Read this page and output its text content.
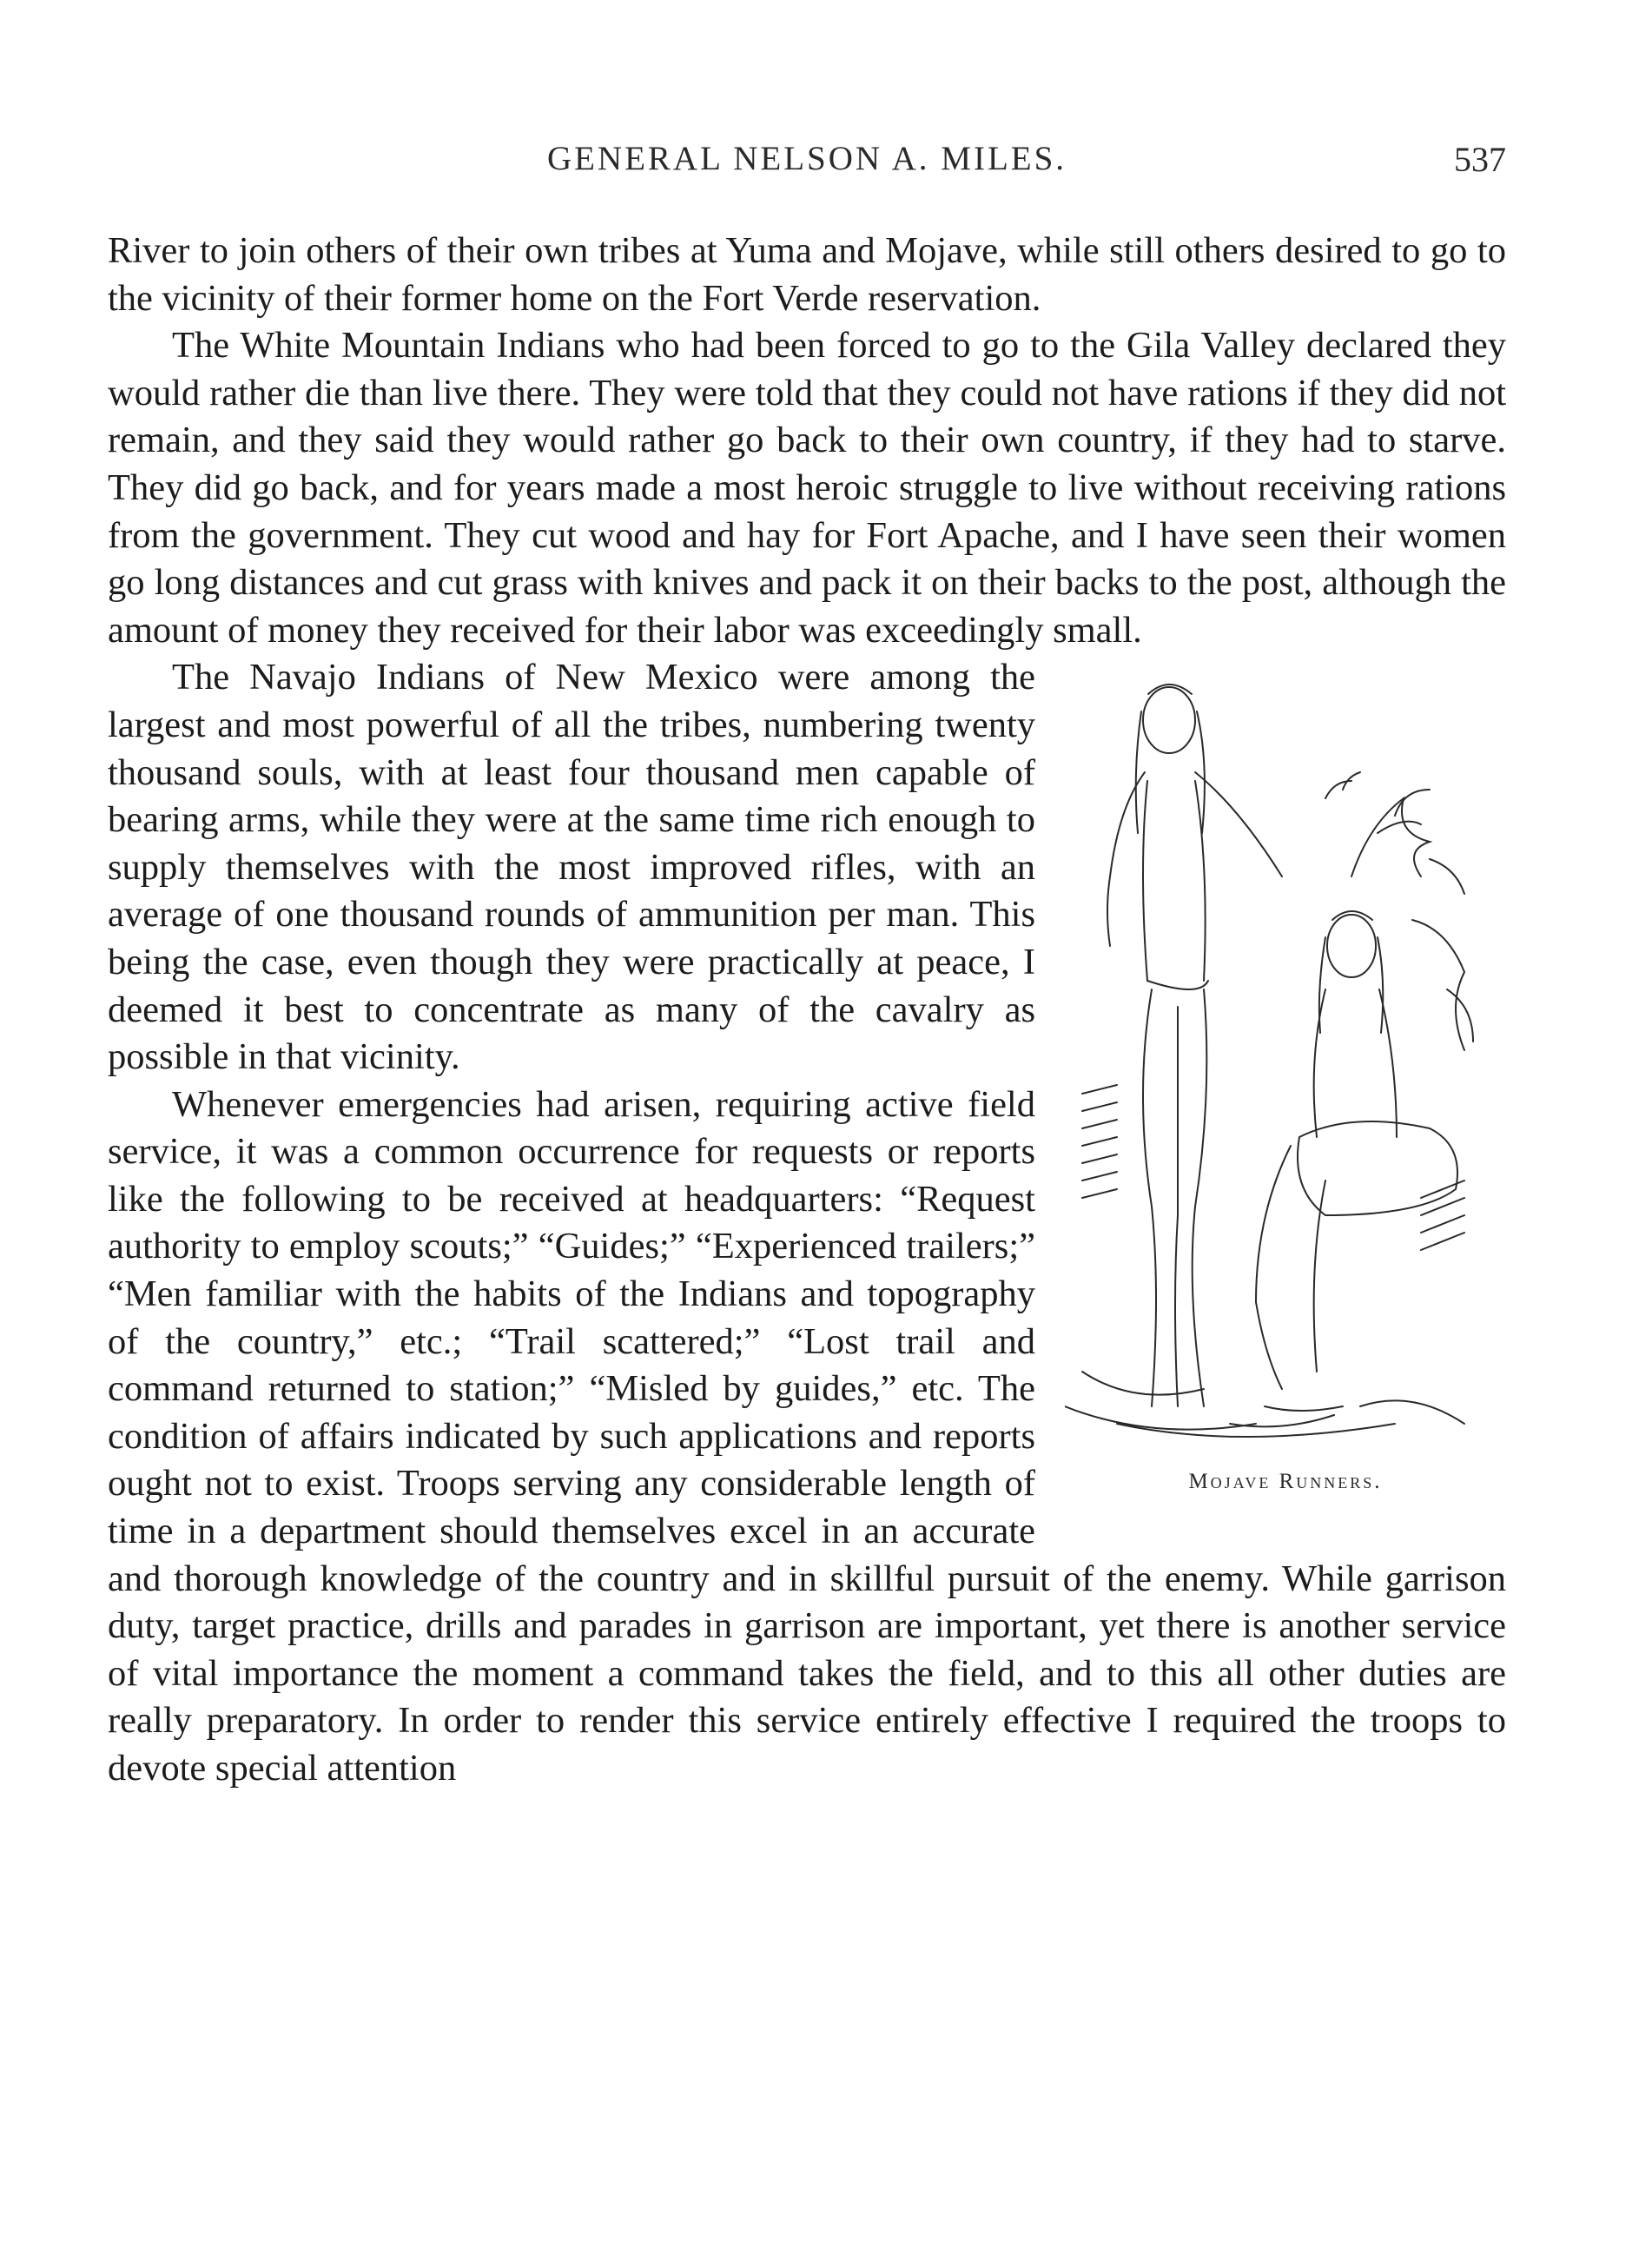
GENERAL NELSON A. MILES.	537

River to join others of their own tribes at Yuma and Mojave, while still others desired to go to the vicinity of their former home on the Fort Verde reservation.

The White Mountain Indians who had been forced to go to the Gila Valley declared they would rather die than live there. They were told that they could not have rations if they did not remain, and they said they would rather go back to their own country, if they had to starve. They did go back, and for years made a most heroic struggle to live without receiving rations from the government. They cut wood and hay for Fort Apache, and I have seen their women go long distances and cut grass with knives and pack it on their backs to the post, although the amount of money they received for their labor was exceedingly small.

Mojave Runners.

The Navajo Indians of New Mexico were among the largest and most powerful of all the tribes, numbering twenty thousand souls, with at least four thousand men capable of bearing arms, while they were at the same time rich enough to supply themselves with the most improved rifles, with an average of one thousand rounds of ammunition per man. This being the case, even though they were practically at peace, I deemed it best to concentrate as many of the cavalry as possible in that vicinity.

Whenever emergencies had arisen, requiring active field service, it was a common occurrence for requests or reports like the following to be received at headquarters: “Request authority to employ scouts;” “Guides;” “Experienced trailers;” “Men familiar with the habits of the Indians and topography of the country,” etc.; “Trail scattered;” “Lost trail and command returned to station;” “Misled by guides,” etc. The condition of affairs indicated by such applications and reports ought not to exist. Troops serving any considerable length of time in a department should themselves excel in an accurate and thorough knowledge of the country and in skillful pursuit of the enemy. While garrison duty, target practice, drills and parades in garrison are important, yet there is another service of vital importance the moment a command takes the field, and to this all other duties are really preparatory. In order to render this service entirely effective I required the troops to devote special attention
